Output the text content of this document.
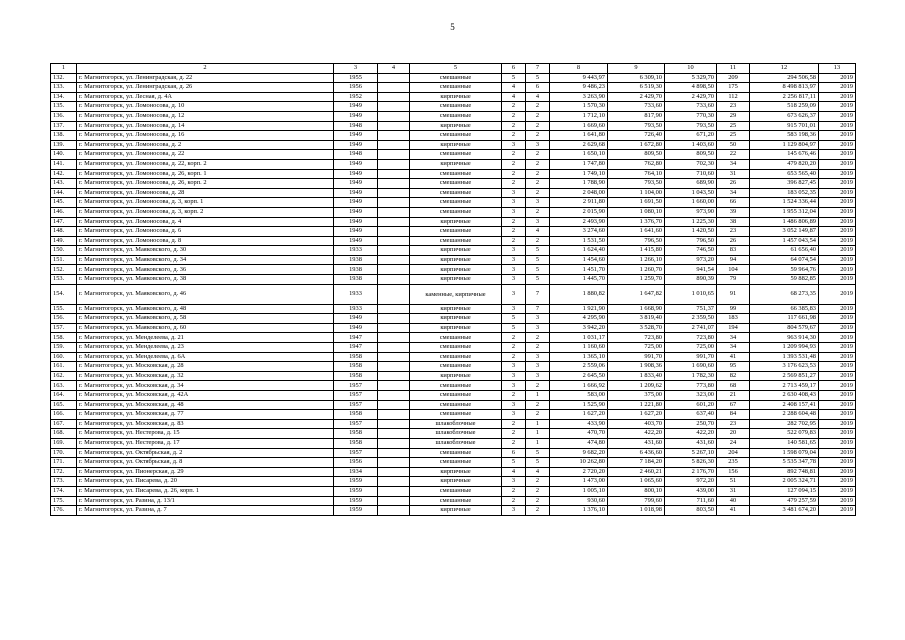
5
1	2	3	4	5	6	7	8	9	10	11	12	13
132.	г. Магнитогорск, ул. Ленинградская, д. 22	1955		смешанные	5	5	9 443,97	6 309,10	5 329,70	209	294 506,58	2019
133.	г. Магнитогорск, ул. Ленинградская, д. 26	1956		смешанные	4	6	9 486,23	6 519,30	4 898,50	175	8 498 813,97	2019
134.	г. Магнитогорск, ул. Лесная, д. 4А	1952		кирпичные	4	4	3 263,90	2 429,70	2 429,70	112	2 256 817,11	2019
135.	г. Магнитогорск, ул. Ломоносова, д. 10	1949		смешанные	2	2	1 570,30	733,60	733,60	23	518 259,09	2019
136.	г. Магнитогорск, ул. Ломоносова, д. 12	1949		смешанные	2	2	1 712,10	817,90	770,30	29	673 626,37	2019
137.	г. Магнитогорск, ул. Ломоносова, д. 14	1948		кирпичные	2	2	1 669,60	793,50	793,50	25	915 701,01	2019
138.	г. Магнитогорск, ул. Ломоносова, д. 16	1949		смешанные	2	2	1 641,80	726,40	671,20	25	583 198,36	2019
139.	г. Магнитогорск, ул. Ломоносова, д. 2	1949		кирпичные	3	3	2 629,68	1 672,80	1 403,60	50	1 129 804,97	2019
140.	г. Магнитогорск, ул. Ломоносова, д. 22	1948		смешанные	2	2	1 650,10	809,50	809,50	22	145 676,46	2019
141.	г. Магнитогорск, ул. Ломоносова, д. 22, корп. 2	1949		кирпичные	2	2	1 747,80	762,80	702,30	34	479 820,20	2019
142.	г. Магнитогорск, ул. Ломоносова, д. 26, корп. 1	1949		смешанные	2	2	1 749,10	764,10	710,60	31	653 565,40	2019
143.	г. Магнитогорск, ул. Ломоносова, д. 26, корп. 2	1949		смешанные	2	2	1 788,90	793,50	689,90	26	396 827,45	2019
144.	г. Магнитогорск, ул. Ломоносова, д. 28	1949		смешанные	3	2	2 048,00	1 104,00	1 043,50	34	183 052,35	2019
145.	г. Магнитогорск, ул. Ломоносова, д. 3, корп. 1	1949		смешанные	3	3	2 911,80	1 691,50	1 660,00	66	1 524 336,44	2019
146.	г. Магнитогорск, ул. Ломоносова, д. 3, корп. 2	1949		смешанные	3	2	2 015,90	1 080,10	973,90	39	1 955 312,04	2019
147.	г. Магнитогорск, ул. Ломоносова, д. 4	1949		кирпичные	2	3	2 493,90	1 376,70	1 225,30	38	1 486 806,89	2019
148.	г. Магнитогорск, ул. Ломоносова, д. 6	1949		смешанные	2	4	3 274,60	1 641,60	1 420,50	23	3 052 149,87	2019
149.	г. Магнитогорск, ул. Ломоносова, д. 8	1949		смешанные	2	2	1 531,50	796,50	796,50	26	1 457 043,54	2019
150.	г. Магнитогорск, ул. Маяковского, д. 30	1933		кирпичные	3	5	1 624,40	1 415,80	746,50	83	61 656,40	2019
151.	г. Магнитогорск, ул. Маяковского, д. 34	1938		кирпичные	3	5	1 454,60	1 266,10	973,20	94	64 074,54	2019
152.	г. Магнитогорск, ул. Маяковского, д. 36	1938		кирпичные	3	5	1 451,70	1 260,70	941,54	104	59 964,76	2019
153.	г. Магнитогорск, ул. Маяковского, д. 38	1938		кирпичные	3	5	1 445,70	1 259,70	890,39	79	59 882,85	2019
154.	г. Магнитогорск, ул. Маяковского, д. 46	1933		каменные, кирпичные	3	7	1 880,82	1 647,82	1 010,65	91	68 273,35	2019
155.	г. Магнитогорск, ул. Маяковского, д. 48	1933		кирпичные	3	7	1 921,90	1 668,90	751,37	99	66 385,83	2019
156.	г. Магнитогорск, ул. Маяковского, д. 58	1949		кирпичные	5	3	4 295,90	3 819,40	2 359,50	183	117 661,98	2019
157.	г. Магнитогорск, ул. Маяковского, д. 60	1949		кирпичные	5	3	3 942,20	3 528,70	2 741,07	194	804 579,67	2019
158.	г. Магнитогорск, ул. Менделеева, д. 21	1947		смешанные	2	2	1 031,17	723,80	723,80	34	963 914,30	2019
159.	г. Магнитогорск, ул. Менделеева, д. 23	1947		смешанные	2	2	1 160,60	725,00	725,00	34	1 209 994,93	2019
160.	г. Магнитогорск, ул. Менделеева, д. 6А	1958		смешанные	2	3	1 365,10	991,70	991,70	41	1 393 531,48	2019
161.	г. Магнитогорск, ул. Московская, д. 28	1958		смешанные	3	3	2 559,06	1 908,36	1 690,60	95	3 176 623,53	2019
162.	г. Магнитогорск, ул. Московская, д. 32	1958		кирпичные	3	3	2 645,50	1 833,40	1 782,30	82	2 569 851,27	2019
163.	г. Магнитогорск, ул. Московская, д. 34	1957		смешанные	3	2	1 666,92	1 209,62	773,80	68	2 713 459,17	2019
164.	г. Магнитогорск, ул. Московская, д. 42А	1957		смешанные	2	1	583,00	375,00	323,00	21	2 630 408,43	2019
165.	г. Магнитогорск, ул. Московская, д. 48	1957		смешанные	3	2	1 525,90	1 221,80	601,20	67	2 408 157,41	2019
166.	г. Магнитогорск, ул. Московская, д. 77	1958		смешанные	3	2	1 627,20	1 627,20	637,40	84	2 288 604,48	2019
167.	г. Магнитогорск, ул. Московская, д. 83	1957		шлакоблочные	2	1	433,90	403,70	250,70	23	282 702,95	2019
168.	г. Магнитогорск, ул. Нестерова, д. 15	1958		шлакоблочные	2	1	470,70	422,20	422,20	20	522 079,83	2019
169.	г. Магнитогорск, ул. Нестерова, д. 17	1958		шлакоблочные	2	1	474,80	431,60	431,60	24	140 581,65	2019
170.	г. Магнитогорск, ул. Октябрьская, д. 2	1957		смешанные	6	5	9 682,20	6 436,60	5 267,10	204	1 598 079,04	2019
171.	г. Магнитогорск, ул. Октябрьская, д. 8	1956		смешанные	5	5	10 262,80	7 184,20	5 826,30	235	5 535 347,78	2019
172.	г. Магнитогорск, ул. Пионерская, д. 29	1934		кирпичные	4	4	2 720,20	2 460,21	2 176,70	156	892 748,81	2019
173.	г. Магнитогорск, ул. Писарева, д. 20	1959		кирпичные	3	2	1 473,00	1 065,60	972,20	51	2 005 324,71	2019
174.	г. Магнитогорск, ул. Писарева, д. 26, корп. 1	1959		смешанные	2	2	1 005,10	800,10	439,00	31	127 094,15	2019
175.	г. Магнитогорск, ул. Разина, д. 13/1	1959		смешанные	2	2	930,60	799,60	711,60	40	479 257,59	2019
176.	г. Магнитогорск, ул. Разина, д. 7	1959		кирпичные	3	2	1 376,10	1 018,98	803,50	41	3 481 674,20	2019
